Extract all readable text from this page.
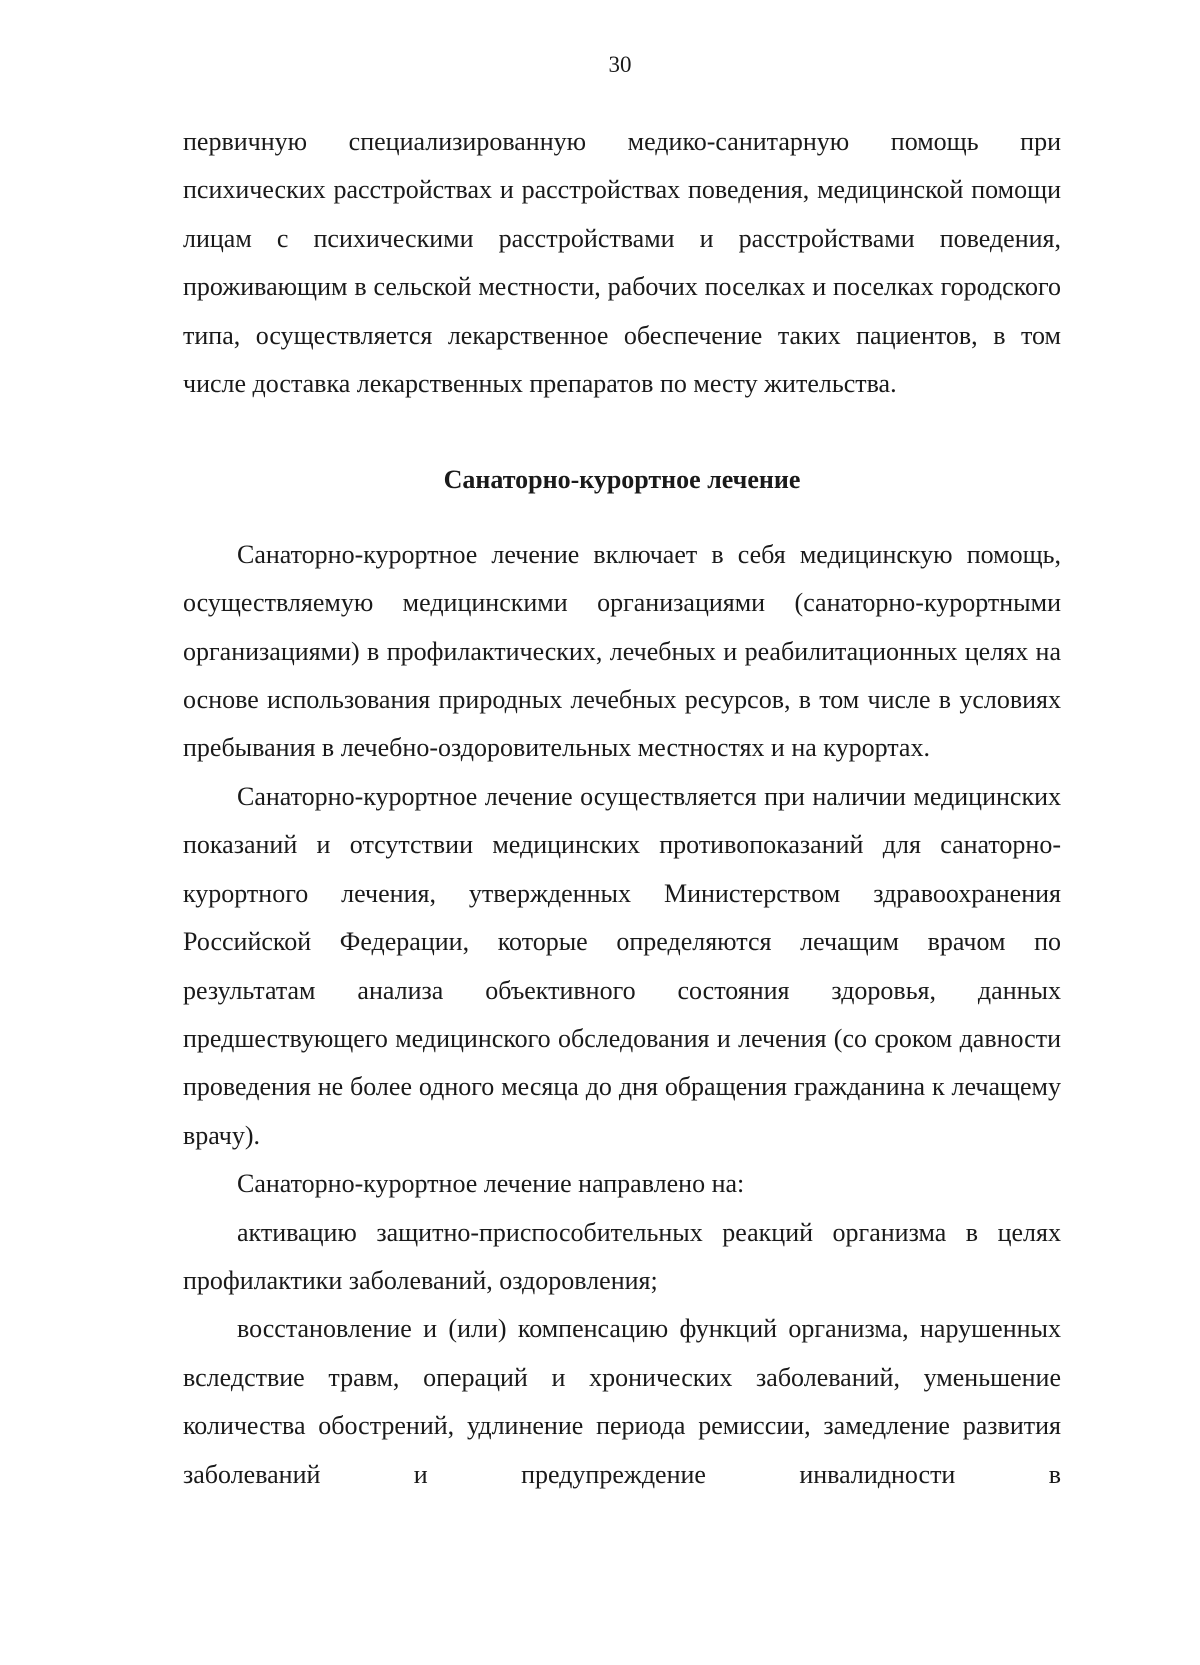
30

первичную специализированную медико-санитарную помощь при психических расстройствах и расстройствах поведения, медицинской помощи лицам с психическими расстройствами и расстройствами поведения, проживающим в сельской местности, рабочих поселках и поселках городского типа, осуществляется лекарственное обеспечение таких пациентов, в том числе доставка лекарственных препаратов по месту жительства.

Санаторно-курортное лечение

Санаторно-курортное лечение включает в себя медицинскую помощь, осуществляемую медицинскими организациями (санаторно-курортными организациями) в профилактических, лечебных и реабилитационных целях на основе использования природных лечебных ресурсов, в том числе в условиях пребывания в лечебно-оздоровительных местностях и на курортах.

Санаторно-курортное лечение осуществляется при наличии медицинских показаний и отсутствии медицинских противопоказаний для санаторно-курортного лечения, утвержденных Министерством здравоохранения Российской Федерации, которые определяются лечащим врачом по результатам анализа объективного состояния здоровья, данных предшествующего медицинского обследования и лечения (со сроком давности проведения не более одного месяца до дня обращения гражданина к лечащему врачу).

Санаторно-курортное лечение направлено на:

активацию защитно-приспособительных реакций организма в целях профилактики заболеваний, оздоровления;

восстановление и (или) компенсацию функций организма, нарушенных вследствие травм, операций и хронических заболеваний, уменьшение количества обострений, удлинение периода ремиссии, замедление развития заболеваний и предупреждение инвалидности в
